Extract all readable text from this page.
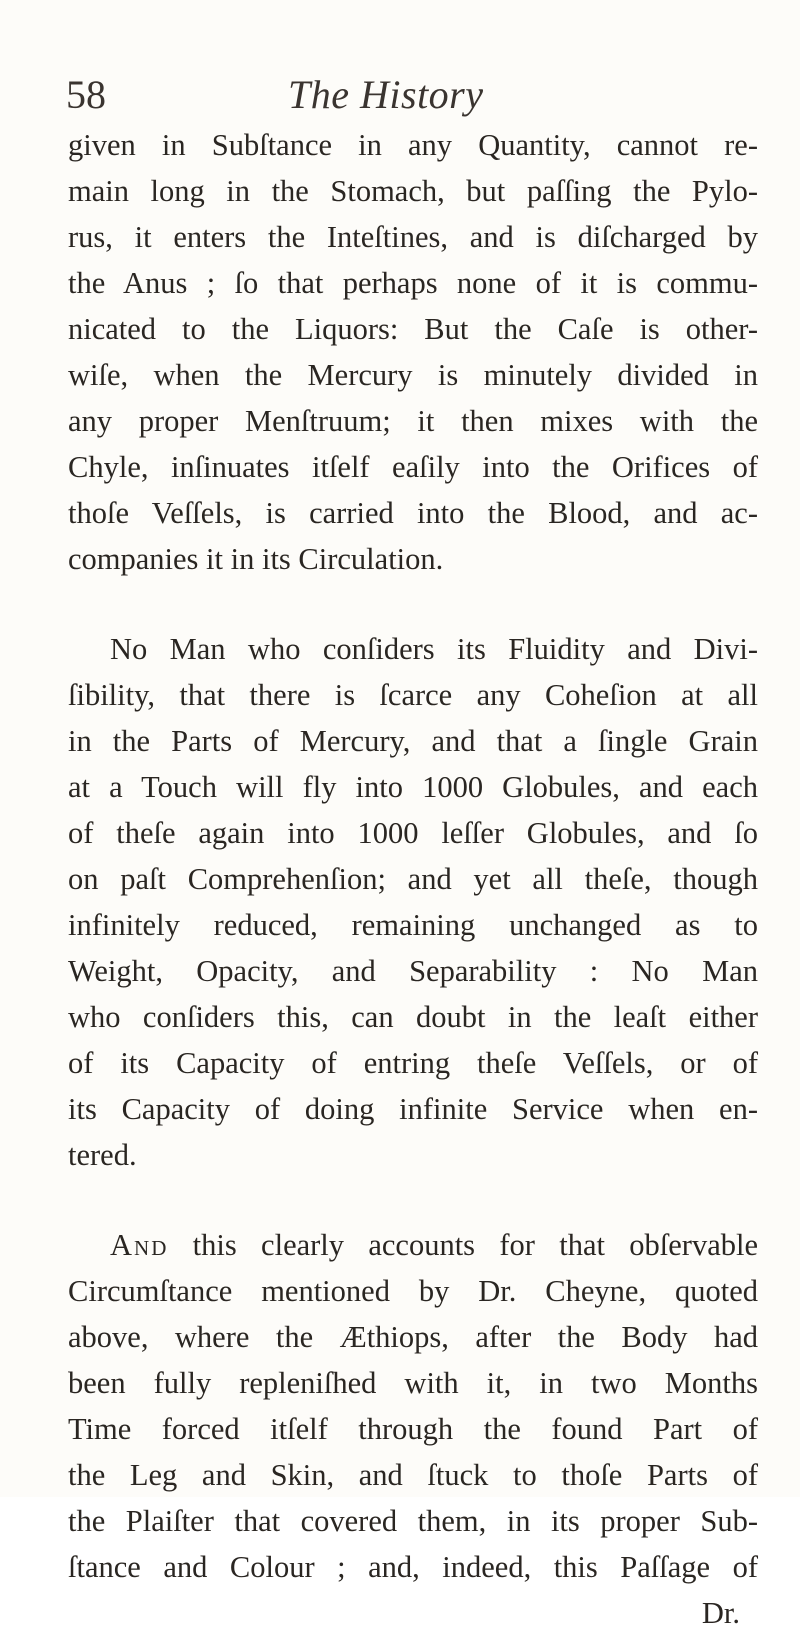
58	The History
given in Subſtance in any Quantity, cannot re-
main long in the Stomach, but paſſing the Pylo-
rus, it enters the Inteſtines, and is diſcharged by
the Anus ; ſo that perhaps none of it is commu-
nicated to the Liquors: But the Caſe is other-
wiſe, when the Mercury is minutely divided in
any proper Menſtruum; it then mixes with the
Chyle, inſinuates itſelf eaſily into the Orifices of
thoſe Veſſels, is carried into the Blood, and ac-
companies it in its Circulation.
No Man who conſiders its Fluidity and Divi-
ſibility, that there is ſcarce any Coheſion at all
in the Parts of Mercury, and that a ſingle Grain
at a Touch will fly into 1000 Globules, and each
of theſe again into 1000 leſſer Globules, and ſo
on paſt Comprehenſion; and yet all theſe, though
infinitely reduced, remaining unchanged as to
Weight, Opacity, and Separability : No Man
who conſiders this, can doubt in the leaſt either
of its Capacity of entring theſe Veſſels, or of
its Capacity of doing infinite Service when en-
tered.
And this clearly accounts for that obſervable
Circumſtance mentioned by Dr. Cheyne, quoted
above, where the Æthiops, after the Body had
been fully repleniſhed with it, in two Months
Time forced itſelf through the found Part of
the Leg and Skin, and ſtuck to thoſe Parts of
the Plaiſter that covered them, in its proper Sub-
ſtance and Colour ; and, indeed, this Paſſage of
Dr.
